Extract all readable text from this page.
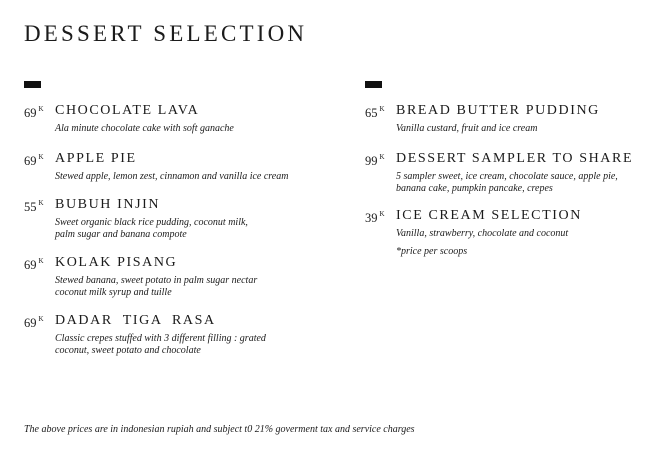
DESSERT SELECTION
69 $^K$ CHOCOLATE LAVA
Ala minute chocolate cake with soft ganache
69 $^K$ APPLE PIE
Stewed apple, lemon zest, cinnamon and vanilla ice cream
55 $^K$ BUBUH INJIN
Sweet organic black rice pudding, coconut milk,
palm sugar and banana compote
69 $^K$ KOLAK PISANG
Stewed banana, sweet potato in palm sugar nectar
coconut milk syrup and tuille
69 $^K$ DADAR  TIGA  RASA
Classic crepes stuffed with 3 different filling : grated
coconut, sweet potato and chocolate
65 $^K$ BREAD BUTTER PUDDING
Vanilla custard, fruit and ice cream
99 $^K$ DESSERT SAMPLER TO SHARE
5 sampler sweet, ice cream, chocolate sauce, apple pie,
banana cake, pumpkin pancake, crepes
39 $^K$ ICE CREAM SELECTION
Vanilla, strawberry, chocolate and coconut
*price per scoops
The above prices are in indonesian rupiah and subject t0 21% goverment tax and service charges
